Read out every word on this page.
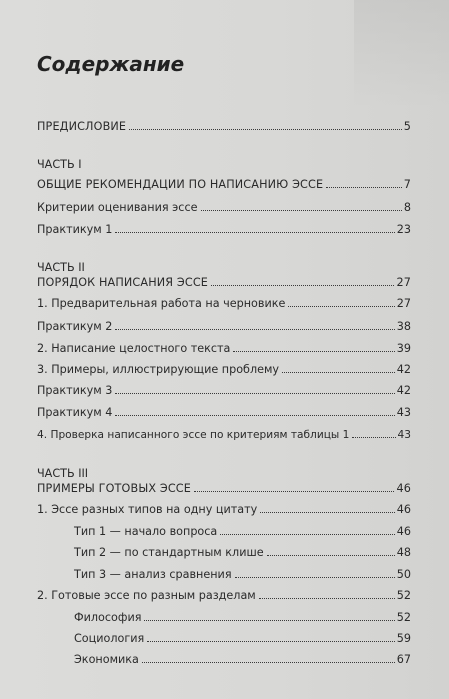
Содержание
ПРЕДИСЛОВИЕ	5
ЧАСТЬ I
ОБЩИЕ РЕКОМЕНДАЦИИ ПО НАПИСАНИЮ ЭССЕ	7
Критерии оценивания эссе	8
Практикум 1	23
ЧАСТЬ II
ПОРЯДОК НАПИСАНИЯ ЭССЕ	27
1. Предварительная работа на черновике	27
Практикум 2	38
2. Написание целостного текста	39
3. Примеры, иллюстрирующие проблему	42
Практикум 3	42
Практикум 4	43
4. Проверка написанного эссе по критериям таблицы 1	43
ЧАСТЬ III
ПРИМЕРЫ ГОТОВЫХ ЭССЕ	46
1. Эссе разных типов на одну цитату	46
Тип 1 — начало вопроса	46
Тип 2 — по стандартным клише	48
Тип 3 — анализ сравнения	50
2. Готовые эссе по разным разделам	52
Философия	52
Социология	59
Экономика	67
